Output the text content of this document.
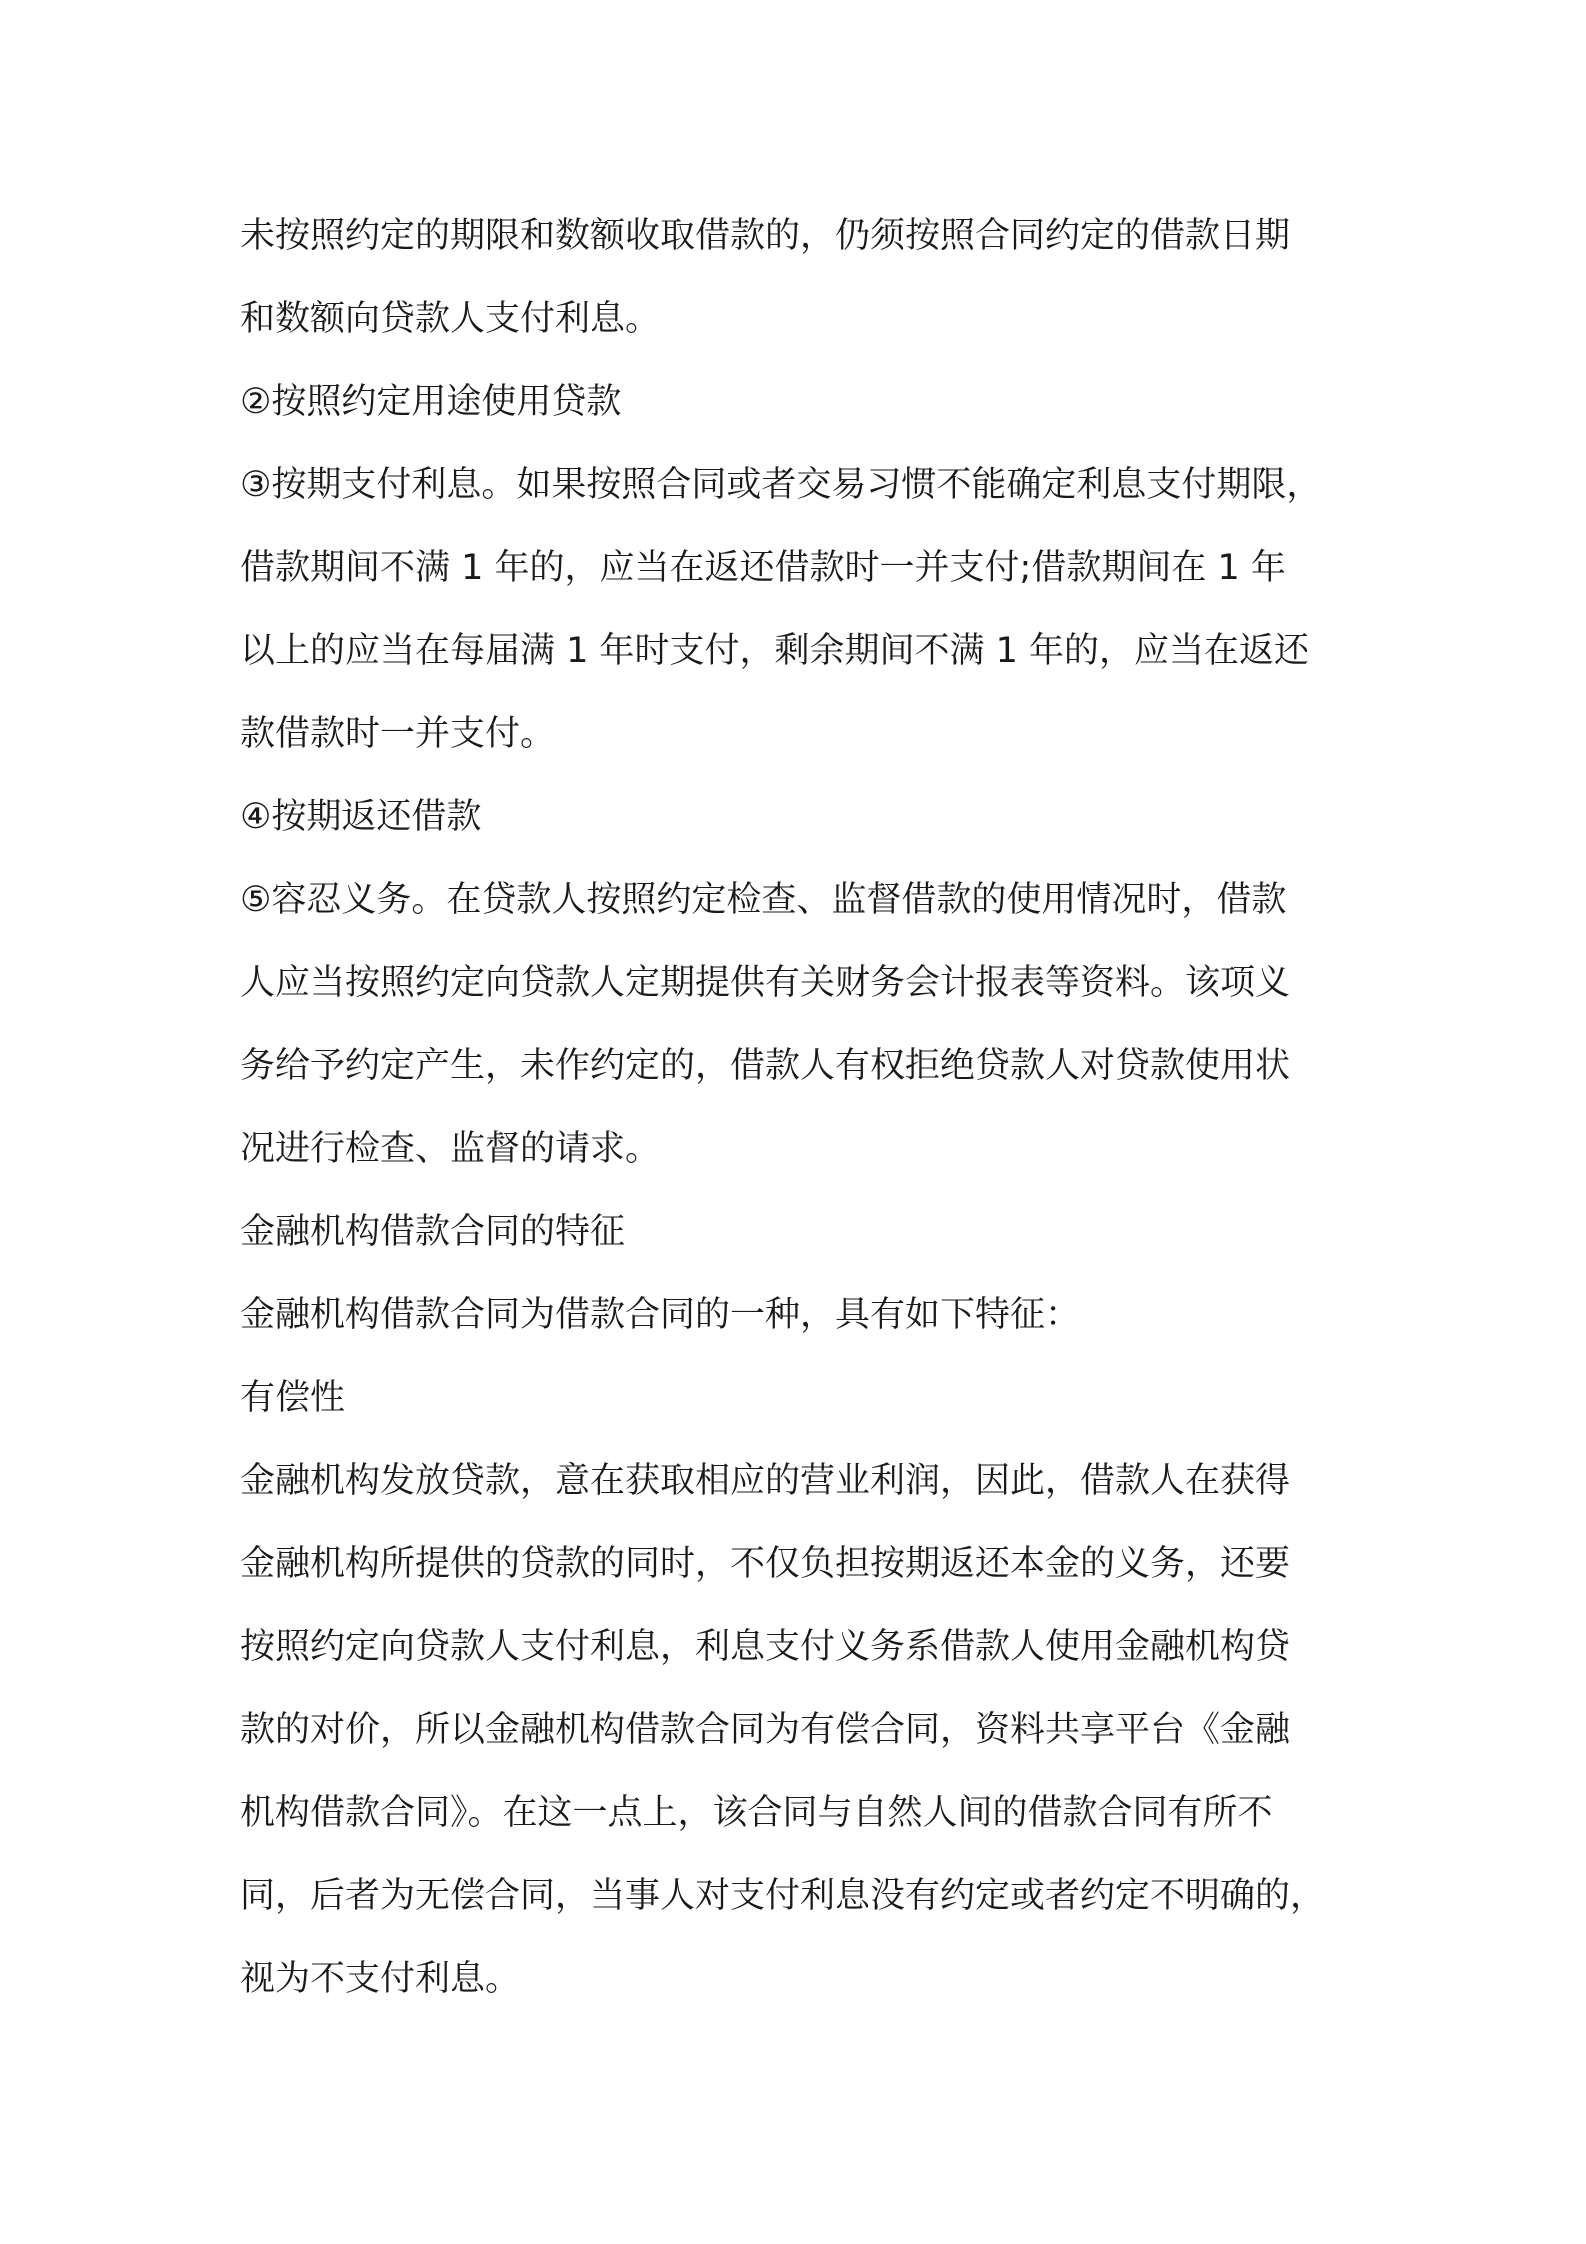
未按照约定的期限和数额收取借款的，仍须按照合同约定的借款日期
和数额向贷款人支付利息。
②按照约定用途使用贷款
③按期支付利息。如果按照合同或者交易习惯不能确定利息支付期限，
借款期间不满 1 年的，应当在返还借款时一并支付;借款期间在 1 年
以上的应当在每届满 1 年时支付，剩余期间不满 1 年的，应当在返还
款借款时一并支付。
④按期返还借款
⑤容忍义务。在贷款人按照约定检查、监督借款的使用情况时，借款
人应当按照约定向贷款人定期提供有关财务会计报表等资料。该项义
务给予约定产生，未作约定的，借款人有权拒绝贷款人对贷款使用状
况进行检查、监督的请求。
金融机构借款合同的特征
金融机构借款合同为借款合同的一种，具有如下特征：
有偿性
金融机构发放贷款，意在获取相应的营业利润，因此，借款人在获得
金融机构所提供的贷款的同时，不仅负担按期返还本金的义务，还要
按照约定向贷款人支付利息，利息支付义务系借款人使用金融机构贷
款的对价，所以金融机构借款合同为有偿合同，资料共享平台《金融
机构借款合同》。在这一点上，该合同与自然人间的借款合同有所不
同，后者为无偿合同，当事人对支付利息没有约定或者约定不明确的，
视为不支付利息。
